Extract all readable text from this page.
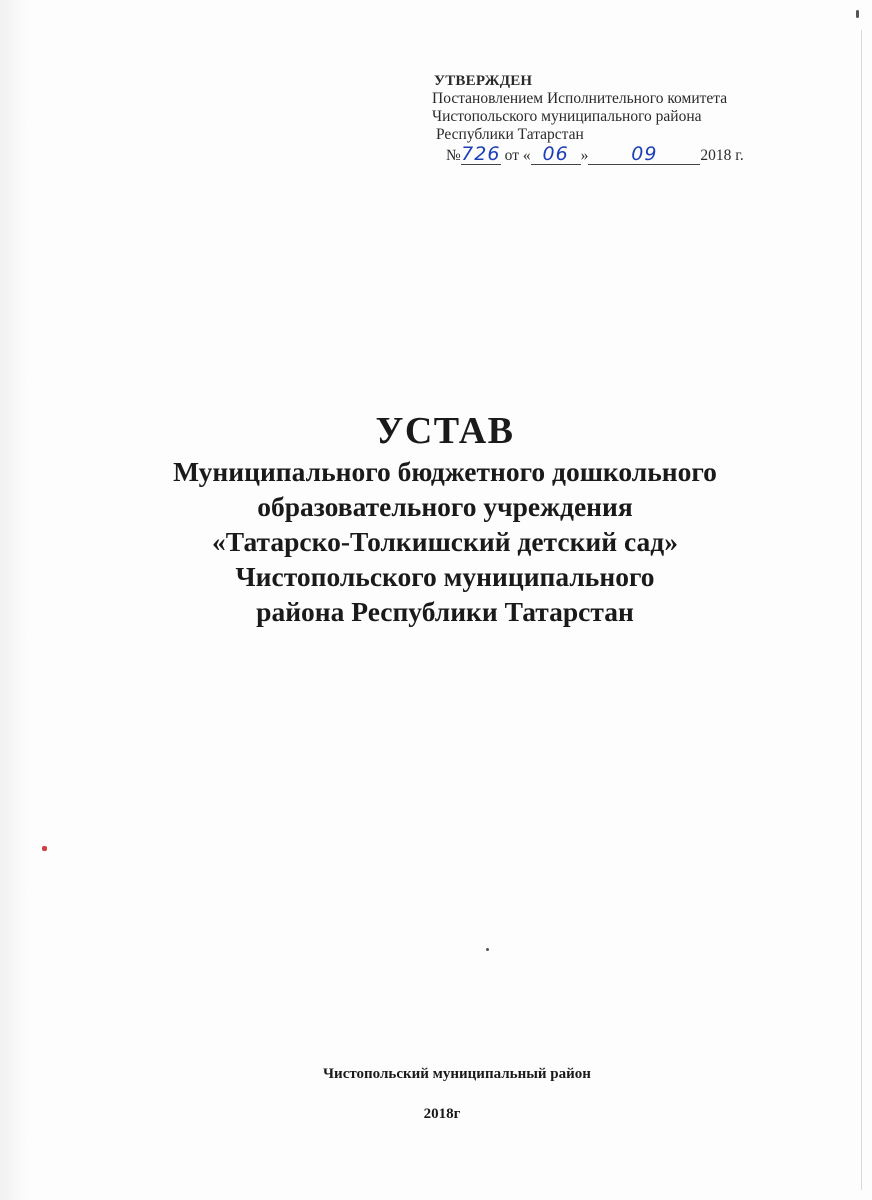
УТВЕРЖДЕН
Постановлением Исполнительного комитета
Чистопольского муниципального района
Республики Татарстан
№726 от « 06 » 09	2018 г.
УСТАВ
Муниципального бюджетного дошкольного
образовательного учреждения
«Татарско-Толкишский детский сад»
Чистопольского муниципального
района Республики Татарстан
Чистопольский муниципальный район
2018г
